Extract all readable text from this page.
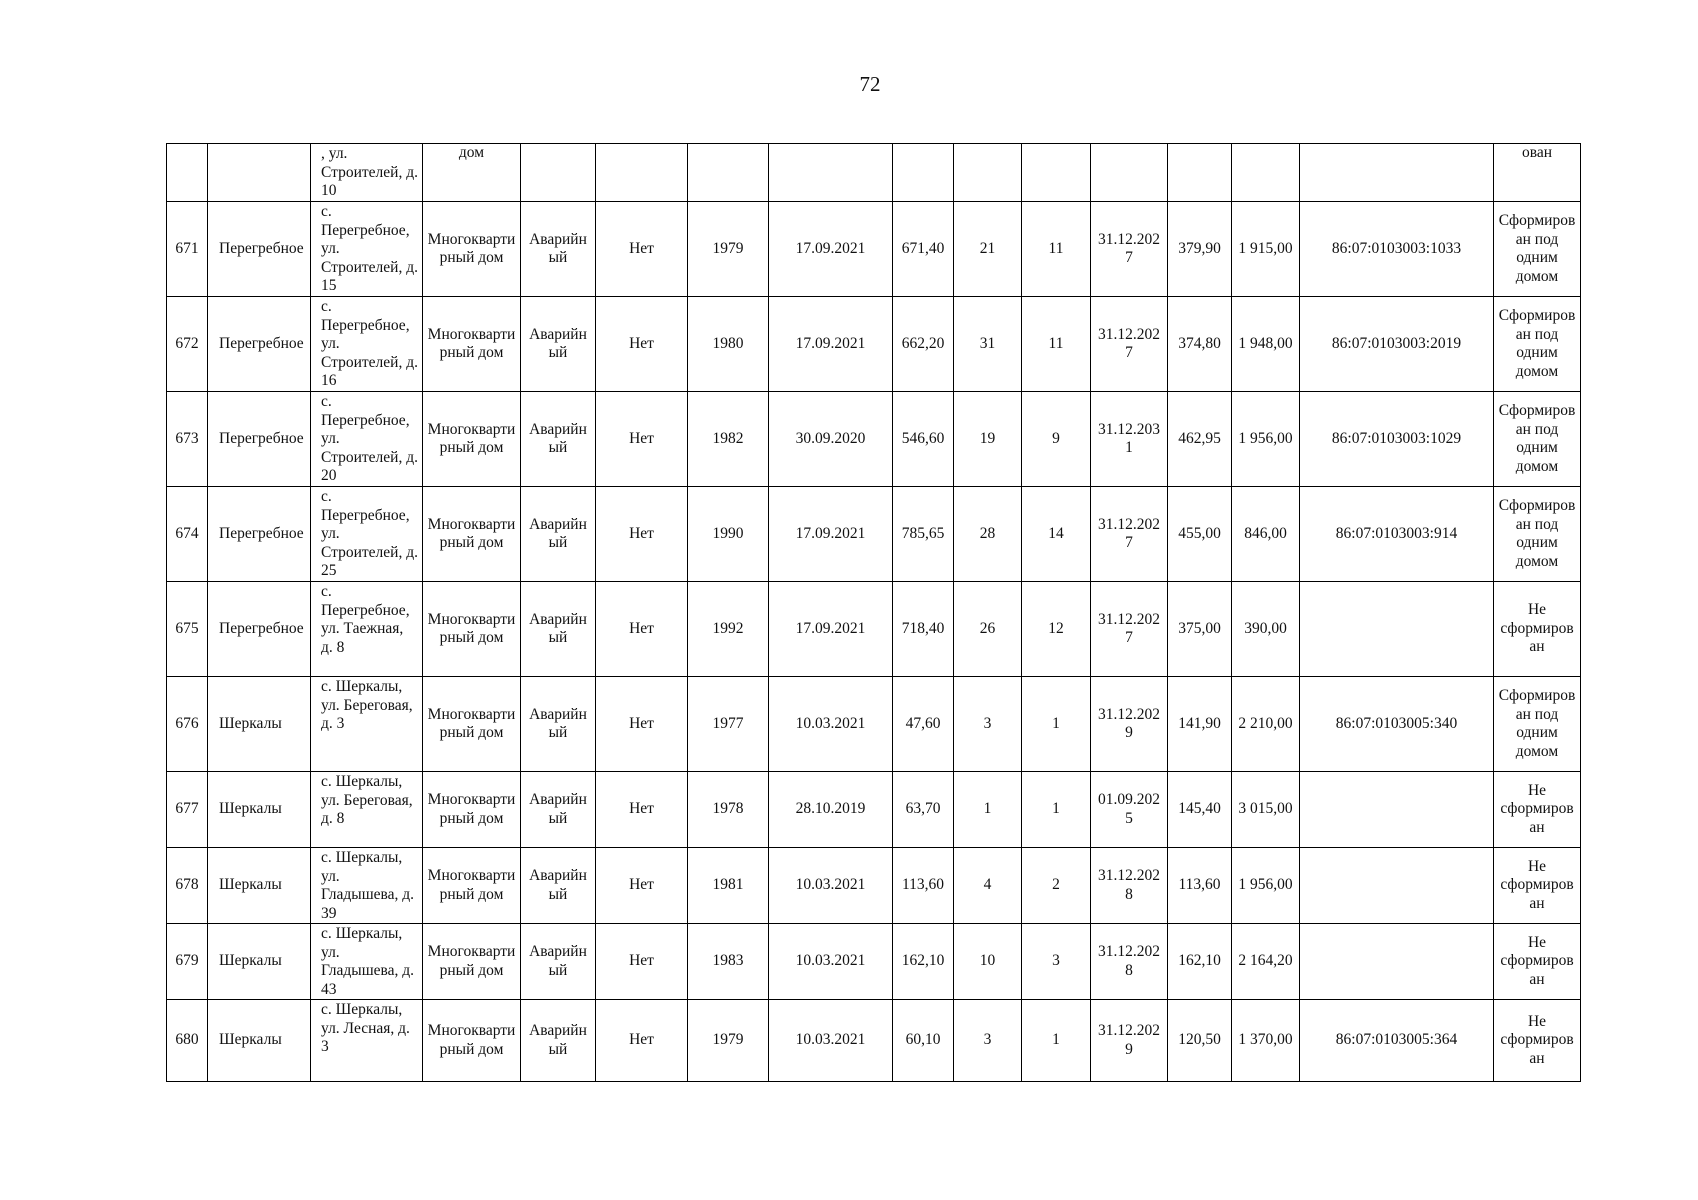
72
		, ул. Строителей, д. 10	дом												ован
671	Перегребное	с. Перегребное, ул. Строителей, д. 15	Многоквартирный дом	Аварийный	Нет	1979	17.09.2021	671,40	21	11	31.12.2027	379,90	1 915,00	86:07:0103003:1033	Сформирован под одним домом
672	Перегребное	с. Перегребное, ул. Строителей, д. 16	Многоквартирный дом	Аварийный	Нет	1980	17.09.2021	662,20	31	11	31.12.2027	374,80	1 948,00	86:07:0103003:2019	Сформирован под одним домом
673	Перегребное	с. Перегребное, ул. Строителей, д. 20	Многоквартирный дом	Аварийный	Нет	1982	30.09.2020	546,60	19	9	31.12.2031	462,95	1 956,00	86:07:0103003:1029	Сформирован под одним домом
674	Перегребное	с. Перегребное, ул. Строителей, д. 25	Многоквартирный дом	Аварийный	Нет	1990	17.09.2021	785,65	28	14	31.12.2027	455,00	846,00	86:07:0103003:914	Сформирован под одним домом
675	Перегребное	с. Перегребное, ул. Таежная, д. 8	Многоквартирный дом	Аварийный	Нет	1992	17.09.2021	718,40	26	12	31.12.2027	375,00	390,00		Не сформирован
676	Шеркалы	с. Шеркалы, ул. Береговая, д. 3	Многоквартирный дом	Аварийный	Нет	1977	10.03.2021	47,60	3	1	31.12.2029	141,90	2 210,00	86:07:0103005:340	Сформирован под одним домом
677	Шеркалы	с. Шеркалы, ул. Береговая, д. 8	Многоквартирный дом	Аварийный	Нет	1978	28.10.2019	63,70	1	1	01.09.2025	145,40	3 015,00		Не сформирован
678	Шеркалы	с. Шеркалы, ул. Гладышева, д. 39	Многоквартирный дом	Аварийный	Нет	1981	10.03.2021	113,60	4	2	31.12.2028	113,60	1 956,00		Не сформирован
679	Шеркалы	с. Шеркалы, ул. Гладышева, д. 43	Многоквартирный дом	Аварийный	Нет	1983	10.03.2021	162,10	10	3	31.12.2028	162,10	2 164,20		Не сформирован
680	Шеркалы	с. Шеркалы, ул. Лесная, д. 3	Многоквартирный дом	Аварийный	Нет	1979	10.03.2021	60,10	3	1	31.12.2029	120,50	1 370,00	86:07:0103005:364	Не сформирован
